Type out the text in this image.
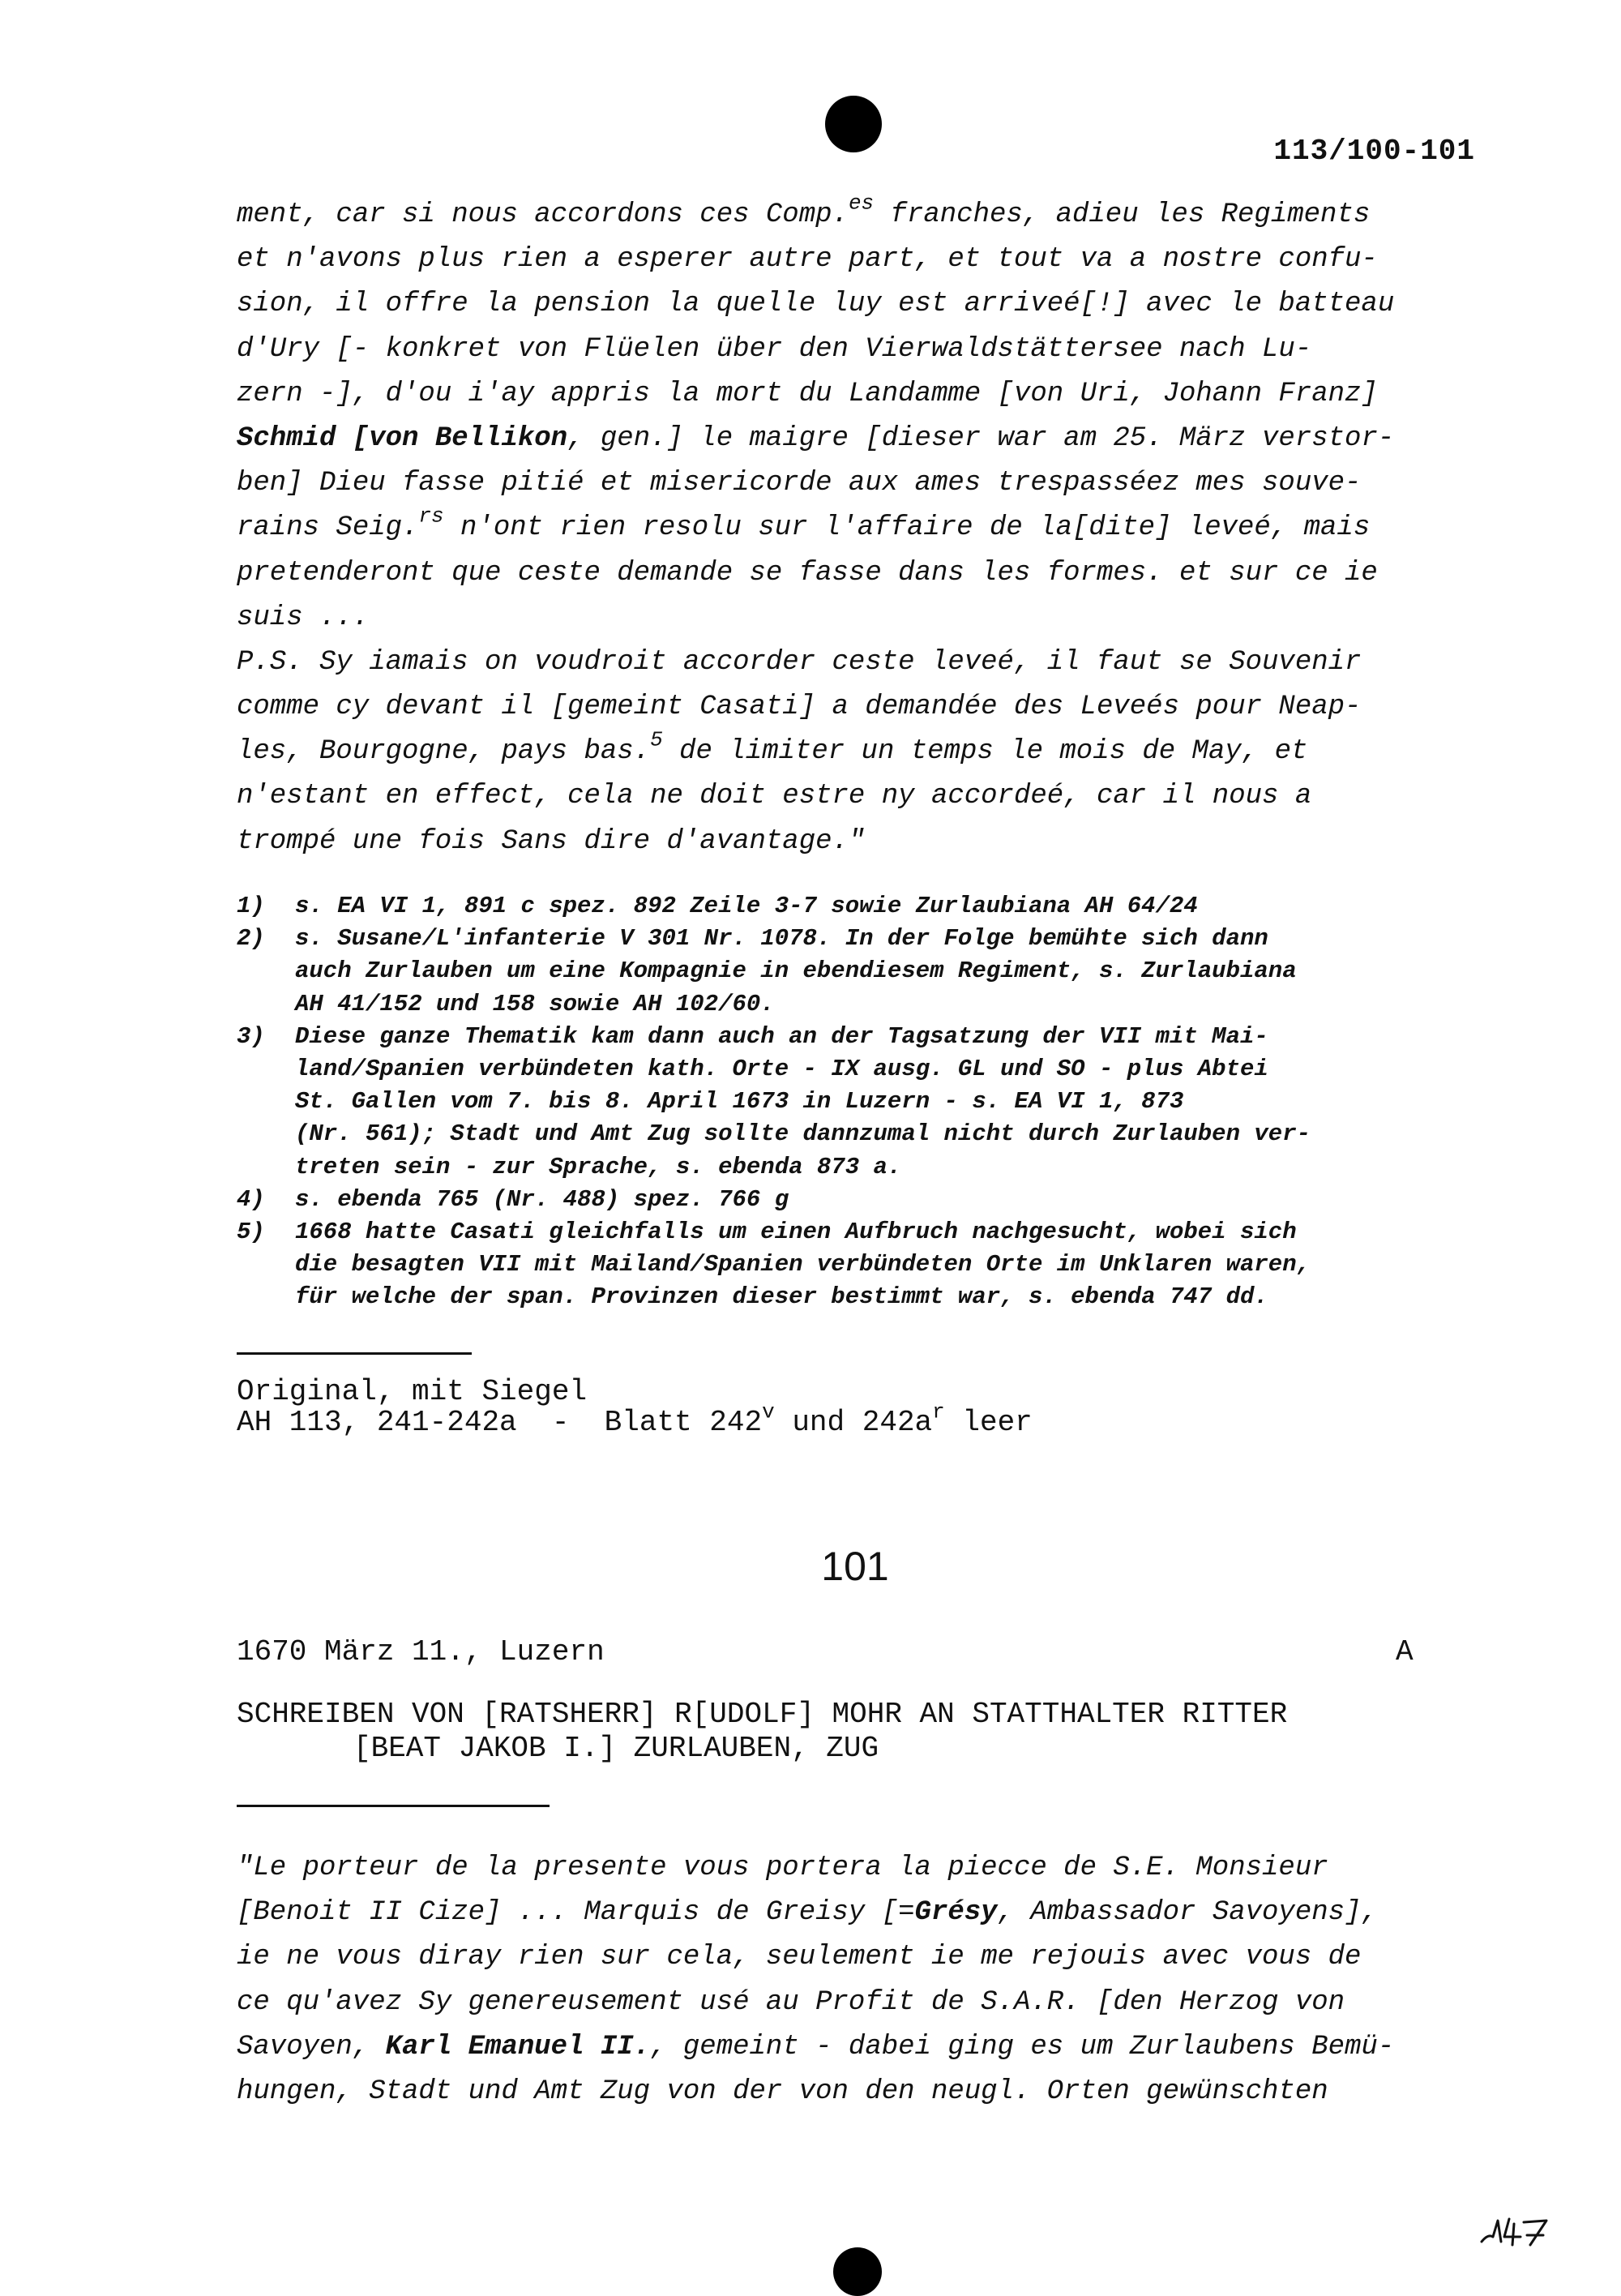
113/100-101
ment, car si nous accordons ces Comp.$^{es}$ franches, adieu les Regiments
et n'avons plus rien a esperer autre part, et tout va a nostre confu-
sion, il offre la pension la quelle luy est arriveé[!] avec le batteau
d'Ury [- konkret von Flüelen über den Vierwaldstättersee nach Lu-
zern -], d'ou i'ay appris la mort du Landamme [von Uri, Johann Franz]
Schmid [von Bellikon, gen.] le maigre [dieser war am 25. März verstor-
ben] Dieu fasse pitié et misericorde aux ames trespasséez mes souve-
rains Seig.$^{rs}$ n'ont rien resolu sur l'affaire de la[dite] leveé, mais
pretenderont que ceste demande se fasse dans les formes. et sur ce ie
suis ...
P.S. Sy iamais on voudroit accorder ceste leveé, il faut se Souvenir
comme cy devant il [gemeint Casati] a demandée des Leveés pour Neap-
les, Bourgogne, pays bas.$^5$ de limiter un temps le mois de May, et
n'estant en effect, cela ne doit estre ny accordeé, car il nous a
trompé une fois Sans dire d'avantage."
1) s. EA VI 1, 891 c spez. 892 Zeile 3-7 sowie Zurlaubiana AH 64/24
2) s. Susane/L'infanterie V 301 Nr. 1078. In der Folge bemühte sich dann
auch Zurlauben um eine Kompagnie in ebendiesem Regiment, s. Zurlaubiana
AH 41/152 und 158 sowie AH 102/60.
3) Diese ganze Thematik kam dann auch an der Tagsatzung der VII mit Mai-
land/Spanien verbündeten kath. Orte - IX ausg. GL und SO - plus Abtei
St. Gallen vom 7. bis 8. April 1673 in Luzern - s. EA VI 1, 873
(Nr. 561); Stadt und Amt Zug sollte dannzumal nicht durch Zurlauben ver-
treten sein - zur Sprache, s. ebenda 873 a.
4) s. ebenda 765 (Nr. 488) spez. 766 g
5) 1668 hatte Casati gleichfalls um einen Aufbruch nachgesucht, wobei sich
die besagten VII mit Mailand/Spanien verbündeten Orte im Unklaren waren,
für welche der span. Provinzen dieser bestimmt war, s. ebenda 747 dd.
Original, mit Siegel
AH 113, 241-242a  -  Blatt 242$^v$ und $242a^r$ leer
101
1670 März 11., Luzern	A
SCHREIBEN VON [RATSHERR] R[UDOLF] MOHR AN STATTHALTER RITTER
[BEAT JAKOB I.] ZURLAUBEN, ZUG
"Le porteur de la presente vous portera la piecce de S.E. Monsieur
[Benoit II Cize] ... Marquis de Greisy [=Grésy, Ambassador Savoyens],
ie ne vous diray rien sur cela, seulement ie me rejouis avec vous de
ce qu'avez Sy genereusement usé au Profit de S.A.R. [den Herzog von
Savoyen, Karl Emanuel II., gemeint - dabei ging es um Zurlaubens Bemü-
hungen, Stadt und Amt Zug von der von den neugl. Orten gewünschten
